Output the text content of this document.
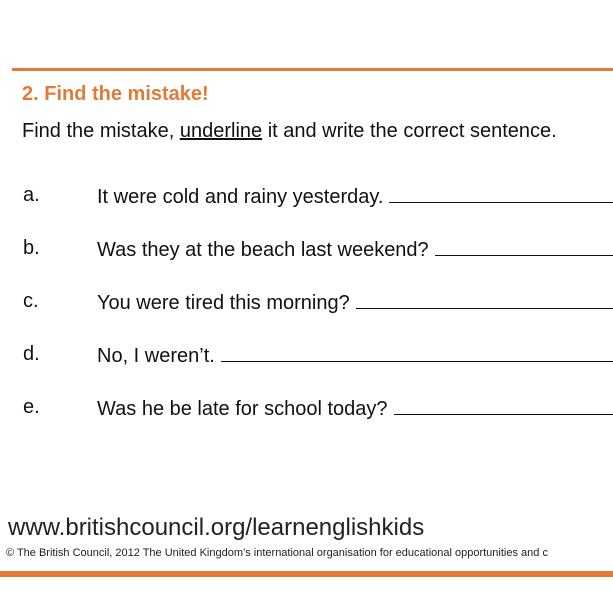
2. Find the mistake!
Find the mistake, underline it and write the correct sentence.
a.	It were cold and rainy yesterday.
b.	Was they at the beach last weekend?
c.	You were tired this morning?
d.	No, I weren’t.
e.	Was he be late for school today?
www.britishcouncil.org/learnenglishkids
© The British Council, 2012 The United Kingdom’s international organisation for educational opportunities and c
